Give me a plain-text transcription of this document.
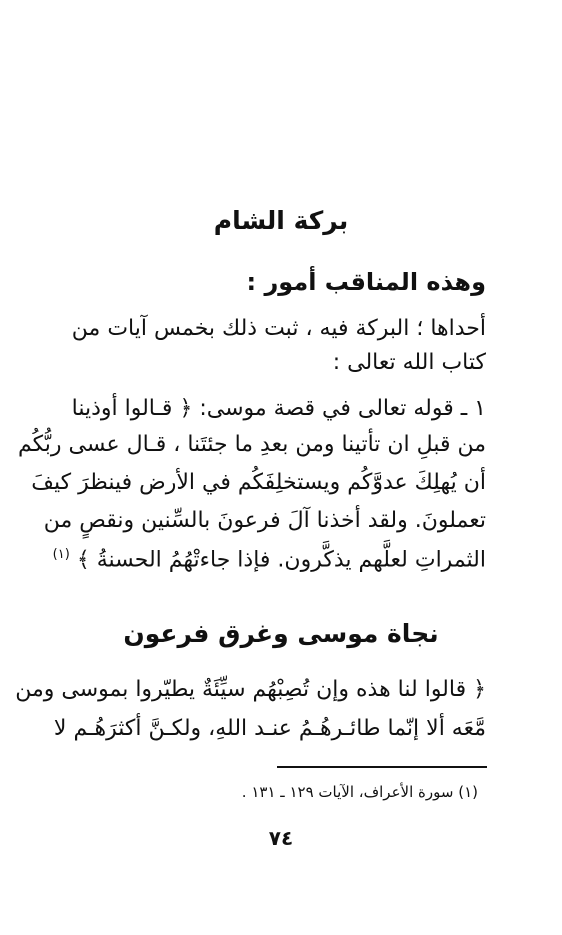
بركة الشام
وهذه المناقب أمور :
أحداها ؛ البركة فيه ، ثبت ذلك بخمس آيات من
كتاب الله تعالى :
١ ـ قوله تعالى في قصة موسى: ﴿ قـالوا أوذينا
من قبلِ ان تأتينا ومن بعدِ ما جئتَنا ، قـال عسى ربُّكُم
أن يُهلِكَ عدوَّكُم ويستخلِفَكُم في الأرض فينظرَ كيفَ
تعملونَ. ولقد أخذنا آلَ فرعونَ بالسِّنين ونقصٍ من
الثمراتِ لعلَّهم يذكَّرون. فإذا جاءتْهُمُ الحسنةُ ﴾ $^{(١)}$
نجاة موسى وغرق فرعون
﴿ قالوا لنا هذه وإن تُصِبْهُم سيِّئَةٌ يطيّروا بموسى ومن
مَّعَه ألا إنّما طائـرهُـمُ عنـد اللهِ، ولكـنَّ أكثرَهُـم لا
(١) سورة الأعراف، الآيات ١٢٩ ـ ١٣١ .
٧٤
